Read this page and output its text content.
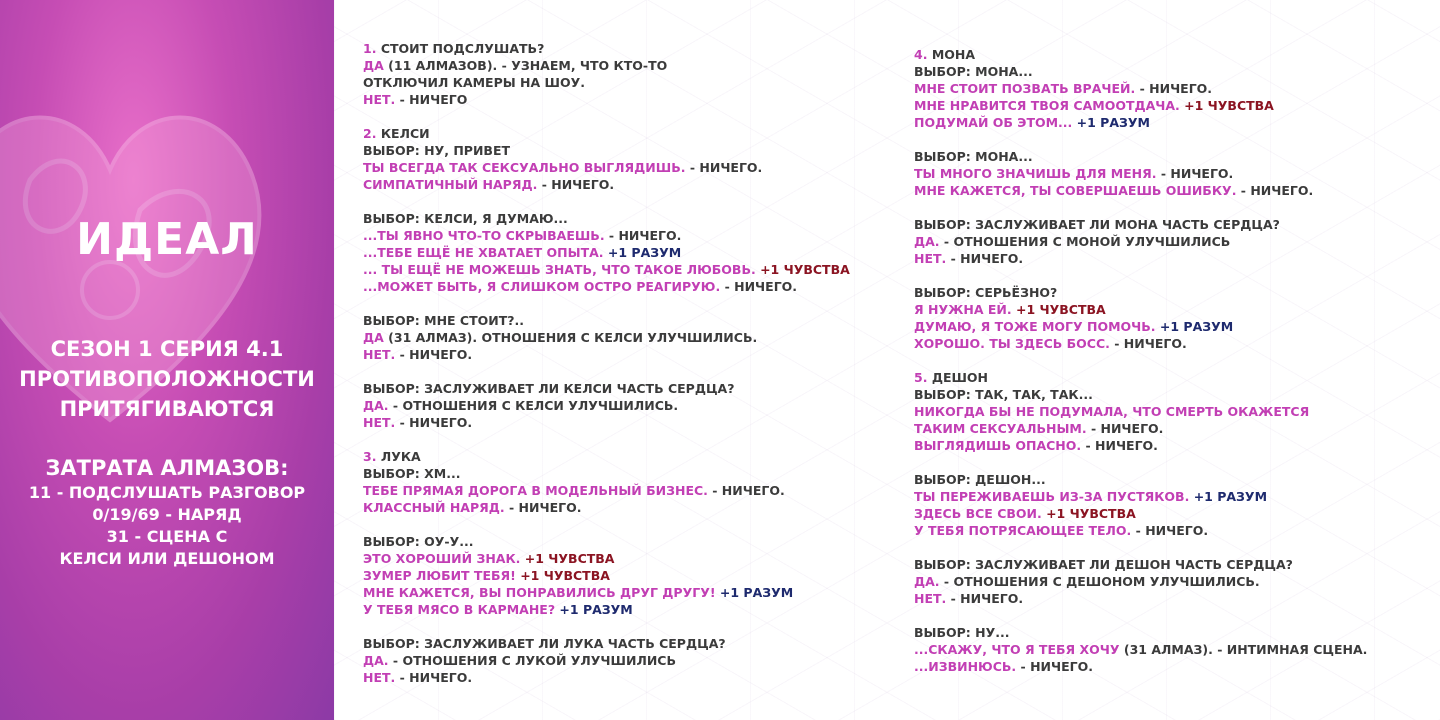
ИДЕАЛ
СЕЗОН 1 СЕРИЯ 4.1
ПРОТИВОПОЛОЖНОСТИ
ПРИТЯГИВАЮТСЯ
ЗАТРАТА АЛМАЗОВ:
11 - ПОДСЛУШАТЬ РАЗГОВОР
0/19/69 - НАРЯД
31 - СЦЕНА С
КЕЛСИ ИЛИ ДЕШОНОМ
1. СТОИТ ПОДСЛУШАТЬ?
ДА (11 АЛМАЗОВ). - УЗНАЕМ, ЧТО КТО-ТО
ОТКЛЮЧИЛ КАМЕРЫ НА ШОУ.
НЕТ. - НИЧЕГО
2. КЕЛСИ
ВЫБОР: НУ, ПРИВЕТ
ТЫ ВСЕГДА ТАК СЕКСУАЛЬНО ВЫГЛЯДИШЬ. - НИЧЕГО.
СИМПАТИЧНЫЙ НАРЯД. - НИЧЕГО.
ВЫБОР: КЕЛСИ, Я ДУМАЮ...
...ТЫ ЯВНО ЧТО-ТО СКРЫВАЕШЬ. - НИЧЕГО.
...ТЕБЕ ЕЩЁ НЕ ХВАТАЕТ ОПЫТА. +1 РАЗУМ
... ТЫ ЕЩЁ НЕ МОЖЕШЬ ЗНАТЬ, ЧТО ТАКОЕ ЛЮБОВЬ. +1 ЧУВСТВА
...МОЖЕТ БЫТЬ, Я СЛИШКОМ ОСТРО РЕАГИРУЮ. - НИЧЕГО.
ВЫБОР: МНЕ СТОИТ?..
ДА (31 АЛМАЗ). ОТНОШЕНИЯ С КЕЛСИ УЛУЧШИЛИСЬ.
НЕТ. - НИЧЕГО.
ВЫБОР: ЗАСЛУЖИВАЕТ ЛИ КЕЛСИ ЧАСТЬ СЕРДЦА?
ДА. - ОТНОШЕНИЯ С КЕЛСИ УЛУЧШИЛИСЬ.
НЕТ. - НИЧЕГО.
3. ЛУКА
ВЫБОР: ХМ...
ТЕБЕ ПРЯМАЯ ДОРОГА В МОДЕЛЬНЫЙ БИЗНЕС. - НИЧЕГО.
КЛАССНЫЙ НАРЯД. - НИЧЕГО.
ВЫБОР: ОУ-У...
ЭТО ХОРОШИЙ ЗНАК. +1 ЧУВСТВА
ЗУМЕР ЛЮБИТ ТЕБЯ! +1 ЧУВСТВА
МНЕ КАЖЕТСЯ, ВЫ ПОНРАВИЛИСЬ ДРУГ ДРУГУ! +1 РАЗУМ
У ТЕБЯ МЯСО В КАРМАНЕ? +1 РАЗУМ
ВЫБОР: ЗАСЛУЖИВАЕТ ЛИ ЛУКА ЧАСТЬ СЕРДЦА?
ДА. - ОТНОШЕНИЯ С ЛУКОЙ УЛУЧШИЛИСЬ
НЕТ. - НИЧЕГО.
4. МОНА
ВЫБОР: МОНА...
МНЕ СТОИТ ПОЗВАТЬ ВРАЧЕЙ. - НИЧЕГО.
МНЕ НРАВИТСЯ ТВОЯ САМООТДАЧА. +1 ЧУВСТВА
ПОДУМАЙ ОБ ЭТОМ... +1 РАЗУМ
ВЫБОР: МОНА...
ТЫ МНОГО ЗНАЧИШЬ ДЛЯ МЕНЯ. - НИЧЕГО.
МНЕ КАЖЕТСЯ, ТЫ СОВЕРШАЕШЬ ОШИБКУ. - НИЧЕГО.
ВЫБОР: ЗАСЛУЖИВАЕТ ЛИ МОНА ЧАСТЬ СЕРДЦА?
ДА. - ОТНОШЕНИЯ С МОНОЙ УЛУЧШИЛИСЬ
НЕТ. - НИЧЕГО.
ВЫБОР: СЕРЬЁЗНО?
Я НУЖНА ЕЙ. +1 ЧУВСТВА
ДУМАЮ, Я ТОЖЕ МОГУ ПОМОЧЬ. +1 РАЗУМ
ХОРОШО. ТЫ ЗДЕСЬ БОСС. - НИЧЕГО.
5. ДЕШОН
ВЫБОР: ТАК, ТАК, ТАК...
НИКОГДА БЫ НЕ ПОДУМАЛА, ЧТО СМЕРТЬ ОКАЖЕТСЯ
ТАКИМ СЕКСУАЛЬНЫМ. - НИЧЕГО.
ВЫГЛЯДИШЬ ОПАСНО. - НИЧЕГО.
ВЫБОР: ДЕШОН...
ТЫ ПЕРЕЖИВАЕШЬ ИЗ-ЗА ПУСТЯКОВ. +1 РАЗУМ
ЗДЕСЬ ВСЕ СВОИ. +1 ЧУВСТВА
У ТЕБЯ ПОТРЯСАЮЩЕЕ ТЕЛО. - НИЧЕГО.
ВЫБОР: ЗАСЛУЖИВАЕТ ЛИ ДЕШОН ЧАСТЬ СЕРДЦА?
ДА. - ОТНОШЕНИЯ С ДЕШОНОМ УЛУЧШИЛИСЬ.
НЕТ. - НИЧЕГО.
ВЫБОР: НУ...
...СКАЖУ, ЧТО Я ТЕБЯ ХОЧУ (31 АЛМАЗ). - ИНТИМНАЯ СЦЕНА.
...ИЗВИНЮСЬ. - НИЧЕГО.
